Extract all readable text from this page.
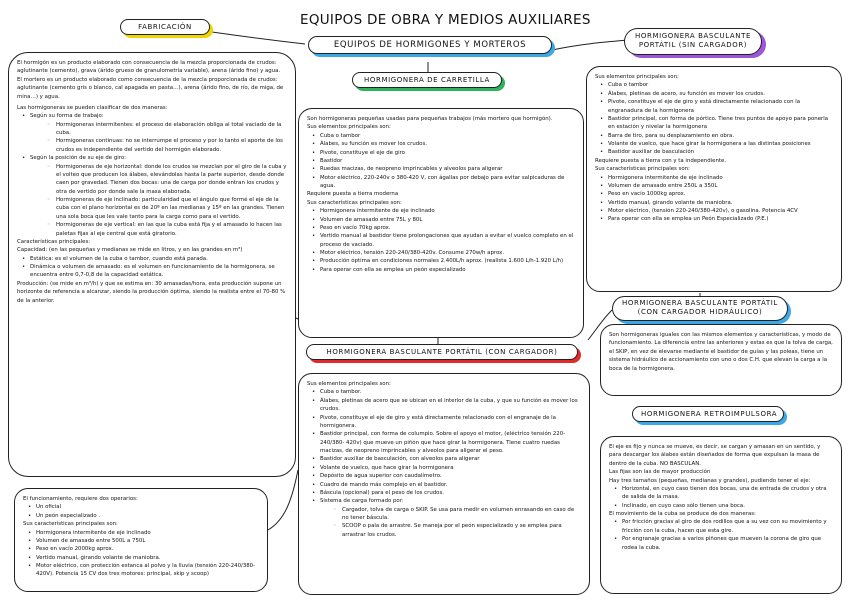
EQUIPOS DE OBRA Y MEDIOS AUXILIARES
FABRICACIÓN

El hormigón es un producto elaborado con consecuencia de la mezcla proporcionada de crudos: aglutinante (cemento), grava (árido grueso de granulometría variable), arena (árido fino) y agua.

El mortero es un producto elaborado como consecuencia de la mezcla proporcionada de crudos: aglutinante (cemento gris o blanco, cal apagada en pasta…), arena (árido fino, de río, de miga, de mina…) y agua.

Las hormigoneras se pueden clasificar de dos maneras:

• Según su forma de trabajo:
◦ Hormigoneras intermitentes: el proceso de elaboración obliga al total vaciado de la cuba.
◦ Hormigoneras continuas: no se interrumpe el proceso y por lo tanto el aporte de los crudos es independiente del vertido del hormigón elaborado.
• Según la posición de su eje de giro:
◦ Hormigoneras de eje horizontal: donde los crudos se mezclan por el giro de la cuba y el volteo que producen los álabes, elevándolas hasta la parte superior, desde donde caen por gravedad. Tienen dos bocas: una de carga por donde entran los crudos y otra de vertido por donde sale la masa elaborada.
◦ Hormigoneras de eje inclinado: particularidad que el ángulo que formé el eje de la cuba con el plano horizontal es de 20º en las medianas y 15º en las grandes. Tienen una sola boca que les vale tanto para la carga como para el vertido.
◦ Hormigoneras de eje vertical: en las que la cuba está fija y el amasado lo hacen las paletas fijas al eje central que está giratorio.

Características principales:

Capacidad: (en las pequeñas y medianas se mide en litros, y en las grandes en m³)

• Estática: es el volumen de la cuba o tambor, cuando está parada.
• Dinámica o volumen de amasado: es el volumen en funcionamiento de la hormigonera, se encuentra entre 0,7-0,8 de la capacidad estática.

Producción: (se mide en m³/h) y que se estima en: 30 amasadas/hora, esta producción supone un horizonte de referencia a alcanzar, siendo la producción óptima, siendo la realista entre el 70-80 % de la anterior.

El funcionamiento, requiere dos operarios:

• Un oficial
• Un peón especializado .

Sus características principales son:

• Hormigonera intermitente de eje inclinado
• Volumen de amasado entre 500L a 750L
• Peso en vacío 2000kg aprox.
• Vertido manual, girando volante de maniobra.
• Motor eléctrico, con protección estanca al polvo y la lluvia (tensión 220-240/380-420V). Potencia 15 CV dos tres motores: principal, skip y scoop)
EQUIPOS DE HORMIGONES Y MORTEROS
HORMIGONERA DE CARRETILLA

Son hormigoneras pequeñas usadas para pequeñas trabajos (más mortero que hormigón).

Sus elementos principales son:

• Cuba o tambor
• Álabes, su función es mover los crudos.
• Pivote, constituye el eje de giro
• Bastidor
• Ruedas macizas, de neopreno imprincables y alveolos para aligerar
• Motor eléctrico, 220-240v o 380-420 V, con ágallas por debajo para evitar salpicaduras de agua.

Requiere puesta a tierra moderna

Sus características principales son:

• Hormigonera intermitente de eje inclinado
• Volumen de amasado entre 75L y 80L
• Peso en vacío 70kg aprox.
• Vertido manual al bastidor tiene prolongaciones que ayudan a evitar el vuelco completo en el proceso de vaciado.
• Motor eléctrico, tensión 220-240/380-420v. Consume 270w/h aprox.
• Producción óptima en condiciones normales 2.400L/h aprox. (realista 1.600 L/h-1.920 L/h)
• Para operar con ella se emplea un peón especializado
HORMIGONERA BASCULANTE PORTÁTIL (CON CARGADOR)

Sus elementos principales son:

• Cuba o tambor.
• Álabes, pletinas de acero que se ubican en el interior de la cuba, y que su función es mover los crudos.
• Pivote, constituye el eje de giro y está directamente relacionado con el engranaje de la hormigonera.
• Bastidor principal, con forma de columpio. Sobre el apoyo el motor, (eléctrico tensión 220-240/380- 420v) que mueve un piñón que hace girar la hormigonera. Tiene cuatro ruedas macizas, de neopreno imprincables y alveolos para aligerar el peso.
• Bastidor auxiliar de basculación, con alveolos para aligerar
• Volante de vuelco, que hace girar la hormigonera
• Depósito de agua superior con caudalímetro.
• Cuadro de mando más complejo en el bastidor.
• Báscula (opcional) para el peso de los crudos.
• Sistema de carga formado por:
◦ Cargador, tolva de carga o SKIP. Se usa para medir en volumen enrasando en caso de no tener báscula.
◦ SCOOP o pala de arrastre. Se maneja por el peón especializado y se emplea para arrastrar los crudos.
HORMIGONERA BASCULANTE
PORTÁTIL (SIN CARGADOR)

Sus elementos principales son:

• Cuba o tambor
• Álabes, pletinas de acero, su función es mover los crudos.
• Pivote, constituye el eje de giro y está directamente relacionado con la engranadura de la hormigonera
• Bastidor principal, con forma de pórtico. Tiene tres puntos de apoyo para ponerla en estación y nivelar la hormigonera
• Barra de tiro, para su desplazamiento en obra.
• Volante de vuelco, que hace girar la hormigonera a las distintas posiciones
• Bastidor auxiliar de basculación

Requiere puesta a tierra con y ta independiente.

Sus características principales son:

• Hormigonera intermitente de eje inclinado
• Volumen de amasado entre 250L a 350L
• Peso en vacío 1000kg aprox.
• Vertido manual, girando volante de maniobra.
• Motor eléctrico, (tensión 220-240/380-420v), o gasolina. Potencia 4CV
• Para operar con ella se emplea un Peón Especializado (P.E.)
HORMIGONERA BASCULANTE PORTÁTIL
(CON CARGADOR HIDRÁULICO)

Son hormigoneras iguales con las mismos elementos y características, y modo de funcionamiento. La diferencia entre las anteriores y estas es que la tolva de carga, el SKIP, en vez de elevarse mediante el bastidor de guías y las poleas, tiene un sistema hidráulico de accionamiento con uno o dos C.H. que elevan la carga a la boca de la hormigonera.

HORMIGONERA RETROIMPULSORA

El eje es fijo y nunca se mueve, es decir, se cargan y amasan en un sentido, y para descargar los álabes están diseñados de forma que expulsan la masa de dentro de la cuba. NO BASCULAN.

Las fijas son las de mayor producción

Hay tres tamaños (pequeñas, medianas y grandes), pudiendo tener el eje:

• Horizontal, en cuyo caso tienen dos bocas, una de entrada de crudos y otra de salida de la masa.
• Inclinado, en cuyo caso sólo tienen una boca.

El movimiento de la cuba se produce de dos maneras:

• Por fricción gracias al giro de dos rodillos que a su vez con su movimiento y fricción con la cuba, hacen que esta gire.
• Por engranaje gracias a varios piñones que mueven la corona de giro que rodea la cuba.
